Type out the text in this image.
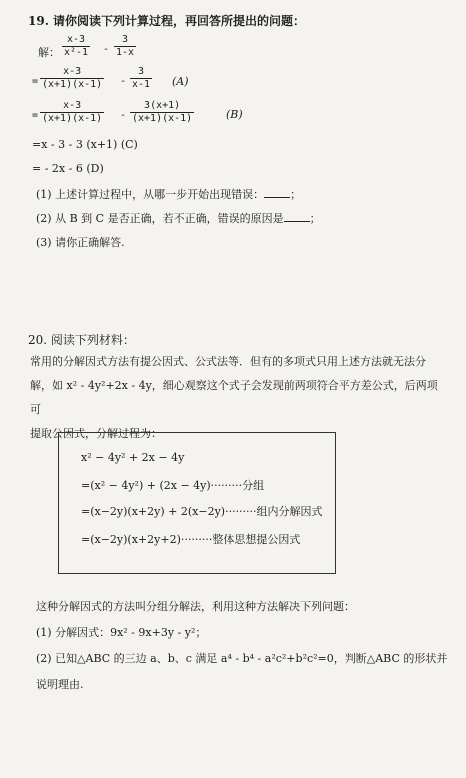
19. 请你阅读下列计算过程，再回答所提出的问题：
解：
x-3
x²-1 -
3
1-x
=
x-3
(x+1)(x-1) -
3
x-1 (A)
=
x-3
(x+1)(x-1) -
3(x+1)
(x+1)(x-1)	(B)
=x - 3 - 3 (x+1) (C)
= - 2x - 6 (D)
(1) 上述计算过程中，从哪一步开始出现错误： ；
(2) 从 B 到 C 是否正确，若不正确，错误的原因是 ；
(3) 请你正确解答.
20. 阅读下列材料：
常用的分解因式方法有提公因式、公式法等．但有的多项式只用上述方法就无法分
解，如 x² - 4y²+2x - 4y，细心观察这个式子会发现前两项符合平方差公式，后两项可
提取公因式，分解过程为：
x² − 4y² + 2x − 4y
=(x² − 4y²) + (2x − 4y)·········分组
=(x−2y)(x+2y) + 2(x−2y)·········组内分解因式
=(x−2y)(x+2y+2)·········整体思想提公因式
这种分解因式的方法叫分组分解法，利用这种方法解决下列问题：
(1) 分解因式：9x² - 9x+3y - y²；
(2) 已知△ABC 的三边 a、b、c 满足 a⁴ - b⁴ - a²c²+b²c²=0，判断△ABC 的形状并
说明理由.
